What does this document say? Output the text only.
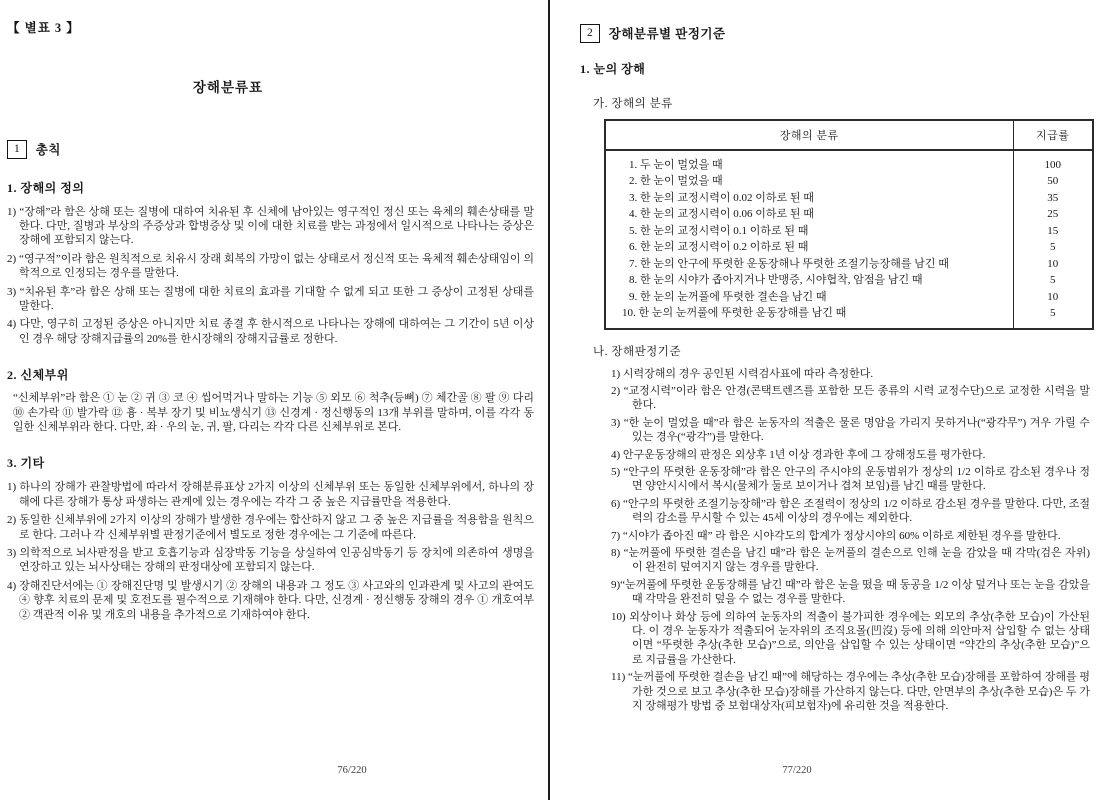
【 별표 3 】
장해분류표
1	총칙
1. 장해의 정의

1) “장해”라 함은 상해 또는 질병에 대하여 치유된 후 신체에 남아있는 영구적인 정신 또는 육체의 훼손상태를 말한다. 다만, 질병과 부상의 주증상과 합병증상 및 이에 대한 치료를 받는 과정에서 일시적으로 나타나는 증상은 장해에 포함되지 않는다.

2) “영구적”이라 함은 원칙적으로 치유시 장래 회복의 가망이 없는 상태로서 정신적 또는 육체적 훼손상태임이 의학적으로 인정되는 경우를 말한다.

3) “치유된 후”라 함은 상해 또는 질병에 대한 치료의 효과를 기대할 수 없게 되고 또한 그 증상이 고정된 상태를 말한다.

4) 다만, 영구히 고정된 증상은 아니지만 치료 종결 후 한시적으로 나타나는 장해에 대하여는 그 기간이 5년 이상인 경우 해당 장해지급률의 20%를 한시장해의 장해지급률로 정한다.

2. 신체부위

“신체부위”라 함은 ① 눈 ② 귀 ③ 코 ④ 씹어먹거나 말하는 기능 ⑤ 외모 ⑥ 척추(등뼈) ⑦ 체간골 ⑧ 팔 ⑨ 다리 ⑩ 손가락 ⑪ 발가락 ⑫ 흉 · 복부 장기 및 비뇨생식기 ⑬ 신경계 · 정신행동의 13개 부위를 말하며, 이를 각각 동일한 신체부위라 한다. 다만, 좌 · 우의 눈, 귀, 팔, 다리는 각각 다른 신체부위로 본다.

3. 기타

1) 하나의 장해가 관찰방법에 따라서 장해분류표상 2가지 이상의 신체부위 또는 동일한 신체부위에서, 하나의 장해에 다른 장해가 통상 파생하는 관계에 있는 경우에는 각각 그 중 높은 지급률만을 적용한다.

2) 동일한 신체부위에 2가지 이상의 장해가 발생한 경우에는 합산하지 않고 그 중 높은 지급률을 적용함을 원칙으로 한다. 그러나 각 신체부위별 판정기준에서 별도로 정한 경우에는 그 기준에 따른다.

3) 의학적으로 뇌사판정을 받고 호흡기능과 심장박동 기능을 상실하여 인공심박동기 등 장치에 의존하여 생명을 연장하고 있는 뇌사상태는 장해의 판정대상에 포함되지 않는다.

4) 장해진단서에는 ① 장해진단명 및 발생시기 ② 장해의 내용과 그 정도 ③ 사고와의 인과관계 및 사고의 관여도 ④ 향후 치료의 문제 및 호전도를 필수적으로 기재해야 한다. 다만, 신경계 · 정신행동 장해의 경우 ① 개호여부 ② 객관적 이유 및 개호의 내용을 추가적으로 기재하여야 한다.

76/220
2	장해분류별 판정기준
1. 눈의 장해
가. 장해의 분류
장해의 분류	지급률
1. 두 눈이 멀었을 때	100
2. 한 눈이 멀었을 때	50
3. 한 눈의 교정시력이 0.02 이하로 된 때	35
4. 한 눈의 교정시력이 0.06 이하로 된 때	25
5. 한 눈의 교정시력이 0.1 이하로 된 때	15
6. 한 눈의 교정시력이 0.2 이하로 된 때	5
7. 한 눈의 안구에 뚜렷한 운동장해나 뚜렷한 조절기능장해를 남긴 때	10
8. 한 눈의 시야가 좁아지거나 반맹증, 시야협착, 암점을 남긴 때	5
9. 한 눈의 눈꺼풀에 뚜렷한 결손을 남긴 때	10
10. 한 눈의 눈꺼풀에 뚜렷한 운동장해를 남긴 때	5
나. 장해판정기준

1) 시력장해의 경우 공인된 시력검사표에 따라 측정한다.

2) “교정시력”이라 함은 안경(콘택트렌즈를 포함한 모든 종류의 시력 교정수단)으로 교정한 시력을 말한다.

3) “한 눈이 멀었을 때”라 함은 눈동자의 적출은 물론 명암을 가리지 못하거나(“광각무”) 겨우 가릴 수 있는 경우(“광각”)를 말한다.

4) 안구운동장해의 판정은 외상후 1년 이상 경과한 후에 그 장해정도를 평가한다.

5) “안구의 뚜렷한 운동장해”라 함은 안구의 주시야의 운동범위가 정상의 1/2 이하로 감소된 경우나 정면 양안시시에서 복시(물체가 둘로 보이거나 겹쳐 보임)를 남긴 때를 말한다.

6) “안구의 뚜렷한 조절기능장해”라 함은 조절력이 정상의 1/2 이하로 감소된 경우를 말한다. 다만, 조절력의 감소를 무시할 수 있는 45세 이상의 경우에는 제외한다.

7) “시야가 좁아진 때” 라 함은 시야각도의 합계가 정상시야의 60% 이하로 제한된 경우를 말한다.

8) “눈꺼풀에 뚜렷한 결손을 남긴 때”라 함은 눈꺼풀의 결손으로 인해 눈을 감았을 때 각막(검은 자위)이 완전히 덮여지지 않는 경우를 말한다.

9)“눈꺼풀에 뚜렷한 운동장해를 남긴 때”라 함은 눈을 떴을 때 동공을 1/2 이상 덮거나 또는 눈을 감았을 때 각막을 완전히 덮을 수 없는 경우를 말한다.

10) 외상이나 화상 등에 의하여 눈동자의 적출이 불가피한 경우에는 외모의 추상(추한 모습)이 가산된다. 이 경우 눈동자가 적출되어 눈자위의 조직요몰(凹沒) 등에 의해 의안마저 삽입할 수 없는 상태이면 “뚜렷한 추상(추한 모습)”으로, 의안을 삽입할 수 있는 상태이면 “약간의 추상(추한 모습)”으로 지급률을 가산한다.

11) “눈꺼풀에 뚜렷한 결손을 남긴 때”에 해당하는 경우에는 추상(추한 모습)장해를 포함하여 장해를 평가한 것으로 보고 추상(추한 모습)장해를 가산하지 않는다. 다만, 안면부의 추상(추한 모습)은 두 가지 장해평가 방법 중 보험대상자(피보험자)에 유리한 것을 적용한다.

77/220
